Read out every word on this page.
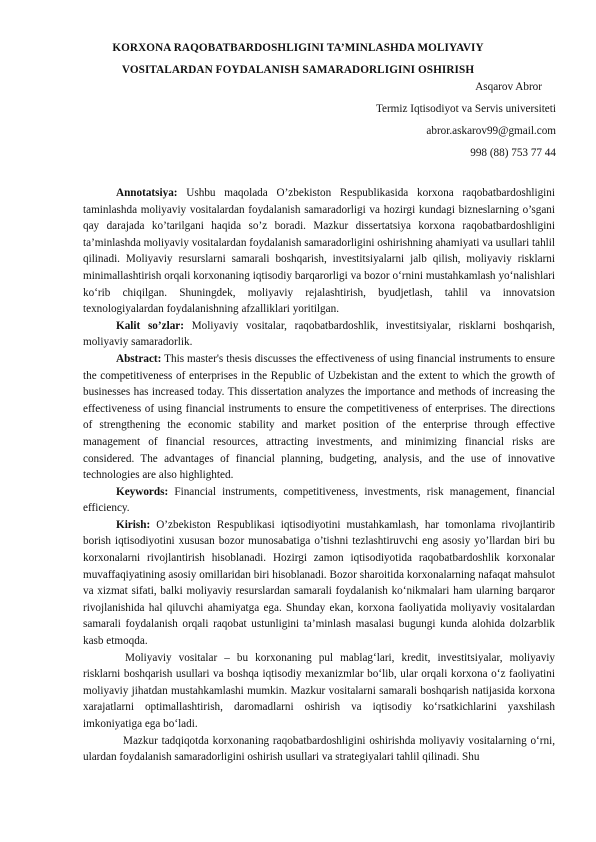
KORXONA RAQOBATBARDOSHLIGINI TA’MINLASHDA MOLIYAVIY
VOSITALARDAN FOYDALANISH SAMARADORLIGINI OSHIRISH
Asqarov Abror
Termiz Iqtisodiyot va Servis universiteti
abror.askarov99@gmail.com
998 (88) 753 77 44

Annotatsiya: Ushbu maqolada O’zbekiston Respublikasida korxona raqobatbardoshligini taminlashda moliyaviy vositalardan foydalanish samaradorligi va hozirgi kundagi bizneslarning o’sgani qay darajada ko’tarilgani haqida so’z boradi. Mazkur dissertatsiya korxona raqobatbardoshligini ta’minlashda moliyaviy vositalardan foydalanish samaradorligini oshirishning ahamiyati va usullari tahlil qilinadi. Moliyaviy resurslarni samarali boshqarish, investitsiyalarni jalb qilish, moliyaviy risklarni minimallashtirish orqali korxonaning iqtisodiy barqarorligi va bozor o‘rnini mustahkamlash yo‘nalishlari ko‘rib chiqilgan. Shuningdek, moliyaviy rejalashtirish, byudjetlash, tahlil va innovatsion texnologiyalardan foydalanishning afzalliklari yoritilgan.

Kalit so’zlar: Moliyaviy vositalar, raqobatbardoshlik, investitsiyalar, risklarni boshqarish, moliyaviy samaradorlik.

Abstract: This master's thesis discusses the effectiveness of using financial instruments to ensure the competitiveness of enterprises in the Republic of Uzbekistan and the extent to which the growth of businesses has increased today. This dissertation analyzes the importance and methods of increasing the effectiveness of using financial instruments to ensure the competitiveness of enterprises. The directions of strengthening the economic stability and market position of the enterprise through effective management of financial resources, attracting investments, and minimizing financial risks are considered. The advantages of financial planning, budgeting, analysis, and the use of innovative technologies are also highlighted.

Keywords: Financial instruments, competitiveness, investments, risk management, financial efficiency.

Kirish: O’zbekiston Respublikasi iqtisodiyotini mustahkamlash, har tomonlama rivojlantirib borish iqtisodiyotini xususan bozor munosabatiga o’tishni tezlashtiruvchi eng asosiy yo’llardan biri bu korxonalarni rivojlantirish hisoblanadi. Hozirgi zamon iqtisodiyotida raqobatbardoshlik korxonalar muvaffaqiyatining asosiy omillaridan biri hisoblanadi. Bozor sharoitida korxonalarning nafaqat mahsulot va xizmat sifati, balki moliyaviy resurslardan samarali foydalanish ko‘nikmalari ham ularning barqaror rivojlanishida hal qiluvchi ahamiyatga ega. Shunday ekan, korxona faoliyatida moliyaviy vositalardan samarali foydalanish orqali raqobat ustunligini ta’minlash masalasi bugungi kunda alohida dolzarblik kasb etmoqda.

Moliyaviy vositalar – bu korxonaning pul mablag‘lari, kredit, investitsiyalar, moliyaviy risklarni boshqarish usullari va boshqa iqtisodiy mexanizmlar bo‘lib, ular orqali korxona o‘z faoliyatini moliyaviy jihatdan mustahkamlashi mumkin. Mazkur vositalarni samarali boshqarish natijasida korxona xarajatlarni optimallashtirish, daromadlarni oshirish va iqtisodiy ko‘rsatkichlarini yaxshilash imkoniyatiga ega bo‘ladi.

Mazkur tadqiqotda korxonaning raqobatbardoshligini oshirishda moliyaviy vositalarning o‘rni, ulardan foydalanish samaradorligini oshirish usullari va strategiyalari tahlil qilinadi. Shu
